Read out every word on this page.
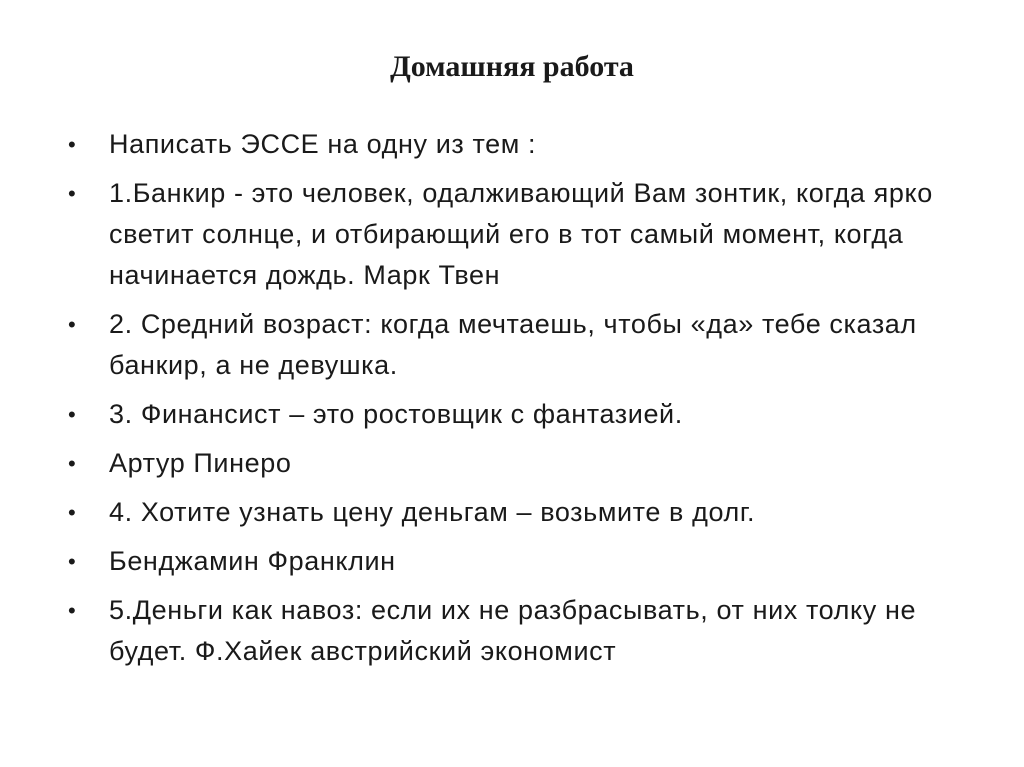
Домашняя работа
•	Написать ЭССЕ на одну из тем :
•	1.Банкир - это человек, одалживающий Вам зонтик, когда ярко светит солнце, и отбирающий его в тот самый момент, когда начинается дождь. Марк Твен
•	2. Средний возраст: когда мечтаешь, чтобы «да» тебе сказал банкир, а не девушка.
•	3. Финансист – это ростовщик с фантазией.
•	Артур Пинеро
•	4. Хотите узнать цену деньгам – возьмите в долг.
•	Бенджамин Франклин
•	5.Деньги как навоз: если их не разбрасывать, от них толку не будет. Ф.Хайек австрийский экономист
